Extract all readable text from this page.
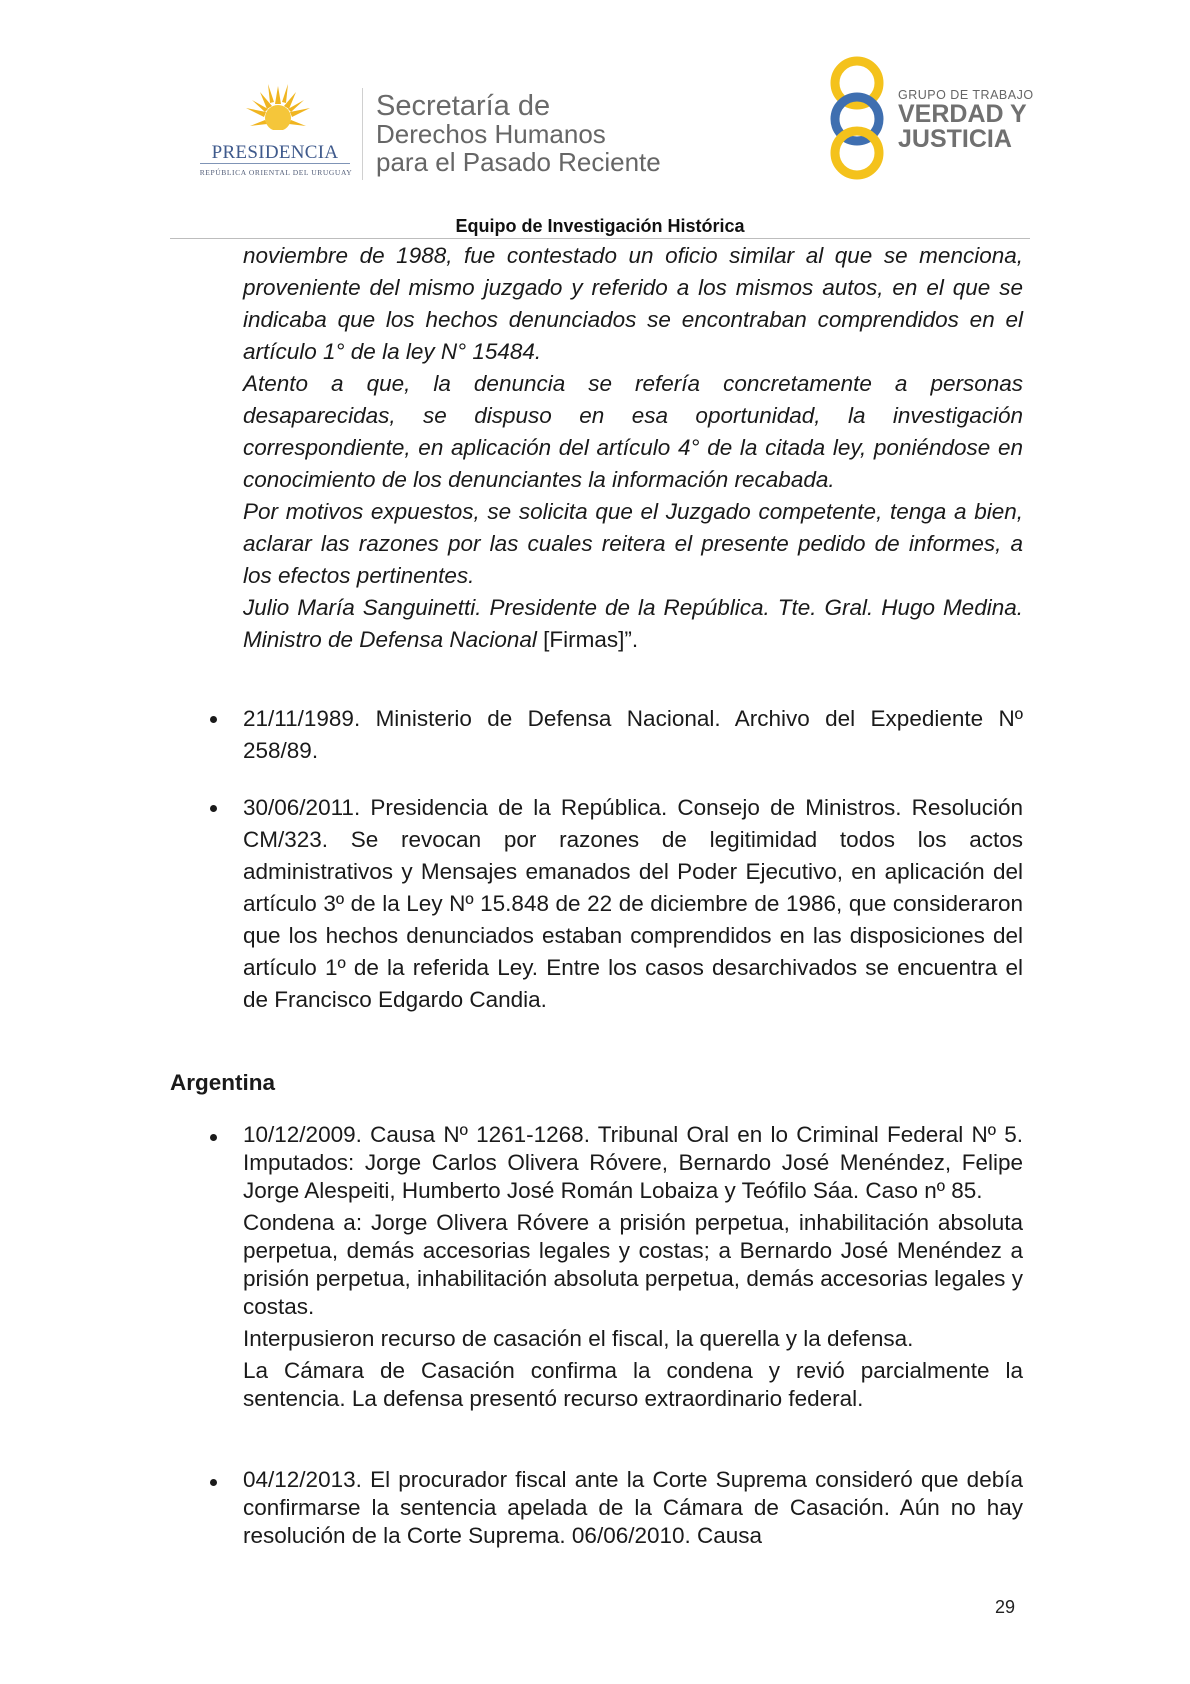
PRESIDENCIA
REPÚBLICA ORIENTAL DEL URUGUAY
Secretaría de
Derechos Humanos
para el Pasado Reciente
GRUPO DE TRABAJO
VERDAD Y
JUSTICIA
Equipo de Investigación Histórica

noviembre de 1988, fue contestado un oficio similar al que se menciona, proveniente del mismo juzgado y referido a los mismos autos, en el que se indicaba que los hechos denunciados se encontraban comprendidos en el artículo 1° de la ley N° 15484.

Atento a que, la denuncia se refería concretamente a personas desaparecidas, se dispuso en esa oportunidad, la investigación correspondiente, en aplicación del artículo 4° de la citada ley, poniéndose en conocimiento de los denunciantes la información recabada.

Por motivos expuestos, se solicita que el Juzgado competente, tenga a bien, aclarar las razones por las cuales reitera el presente pedido de informes, a los efectos pertinentes.

Julio María Sanguinetti. Presidente de la República. Tte. Gral. Hugo Medina. Ministro de Defensa Nacional [Firmas]”.

21/11/1989. Ministerio de Defensa Nacional. Archivo del Expediente Nº 258/89.

30/06/2011. Presidencia de la República. Consejo de Ministros. Resolución CM/323. Se revocan por razones de legitimidad todos los actos administrativos y Mensajes emanados del Poder Ejecutivo, en aplicación del artículo 3º de la Ley Nº 15.848 de 22 de diciembre de 1986, que consideraron que los hechos denunciados estaban comprendidos en las disposiciones del artículo 1º de la referida Ley. Entre los casos desarchivados se encuentra el de Francisco Edgardo Candia.

Argentina

10/12/2009. Causa Nº 1261-1268. Tribunal Oral en lo Criminal Federal Nº 5. Imputados: Jorge Carlos Olivera Róvere, Bernardo José Menéndez, Felipe Jorge Alespeiti, Humberto José Román Lobaiza y Teófilo Sáa. Caso nº 85.

Condena a: Jorge Olivera Róvere a prisión perpetua, inhabilitación absoluta perpetua, demás accesorias legales y costas; a Bernardo José Menéndez a prisión perpetua, inhabilitación absoluta perpetua, demás accesorias legales y costas.

Interpusieron recurso de casación el fiscal, la querella y la defensa.

La Cámara de Casación confirma la condena y revió parcialmente la sentencia. La defensa presentó recurso extraordinario federal.

04/12/2013. El procurador fiscal ante la Corte Suprema consideró que debía confirmarse la sentencia apelada de la Cámara de Casación. Aún no hay resolución de la Corte Suprema. 06/06/2010. Causa

29
